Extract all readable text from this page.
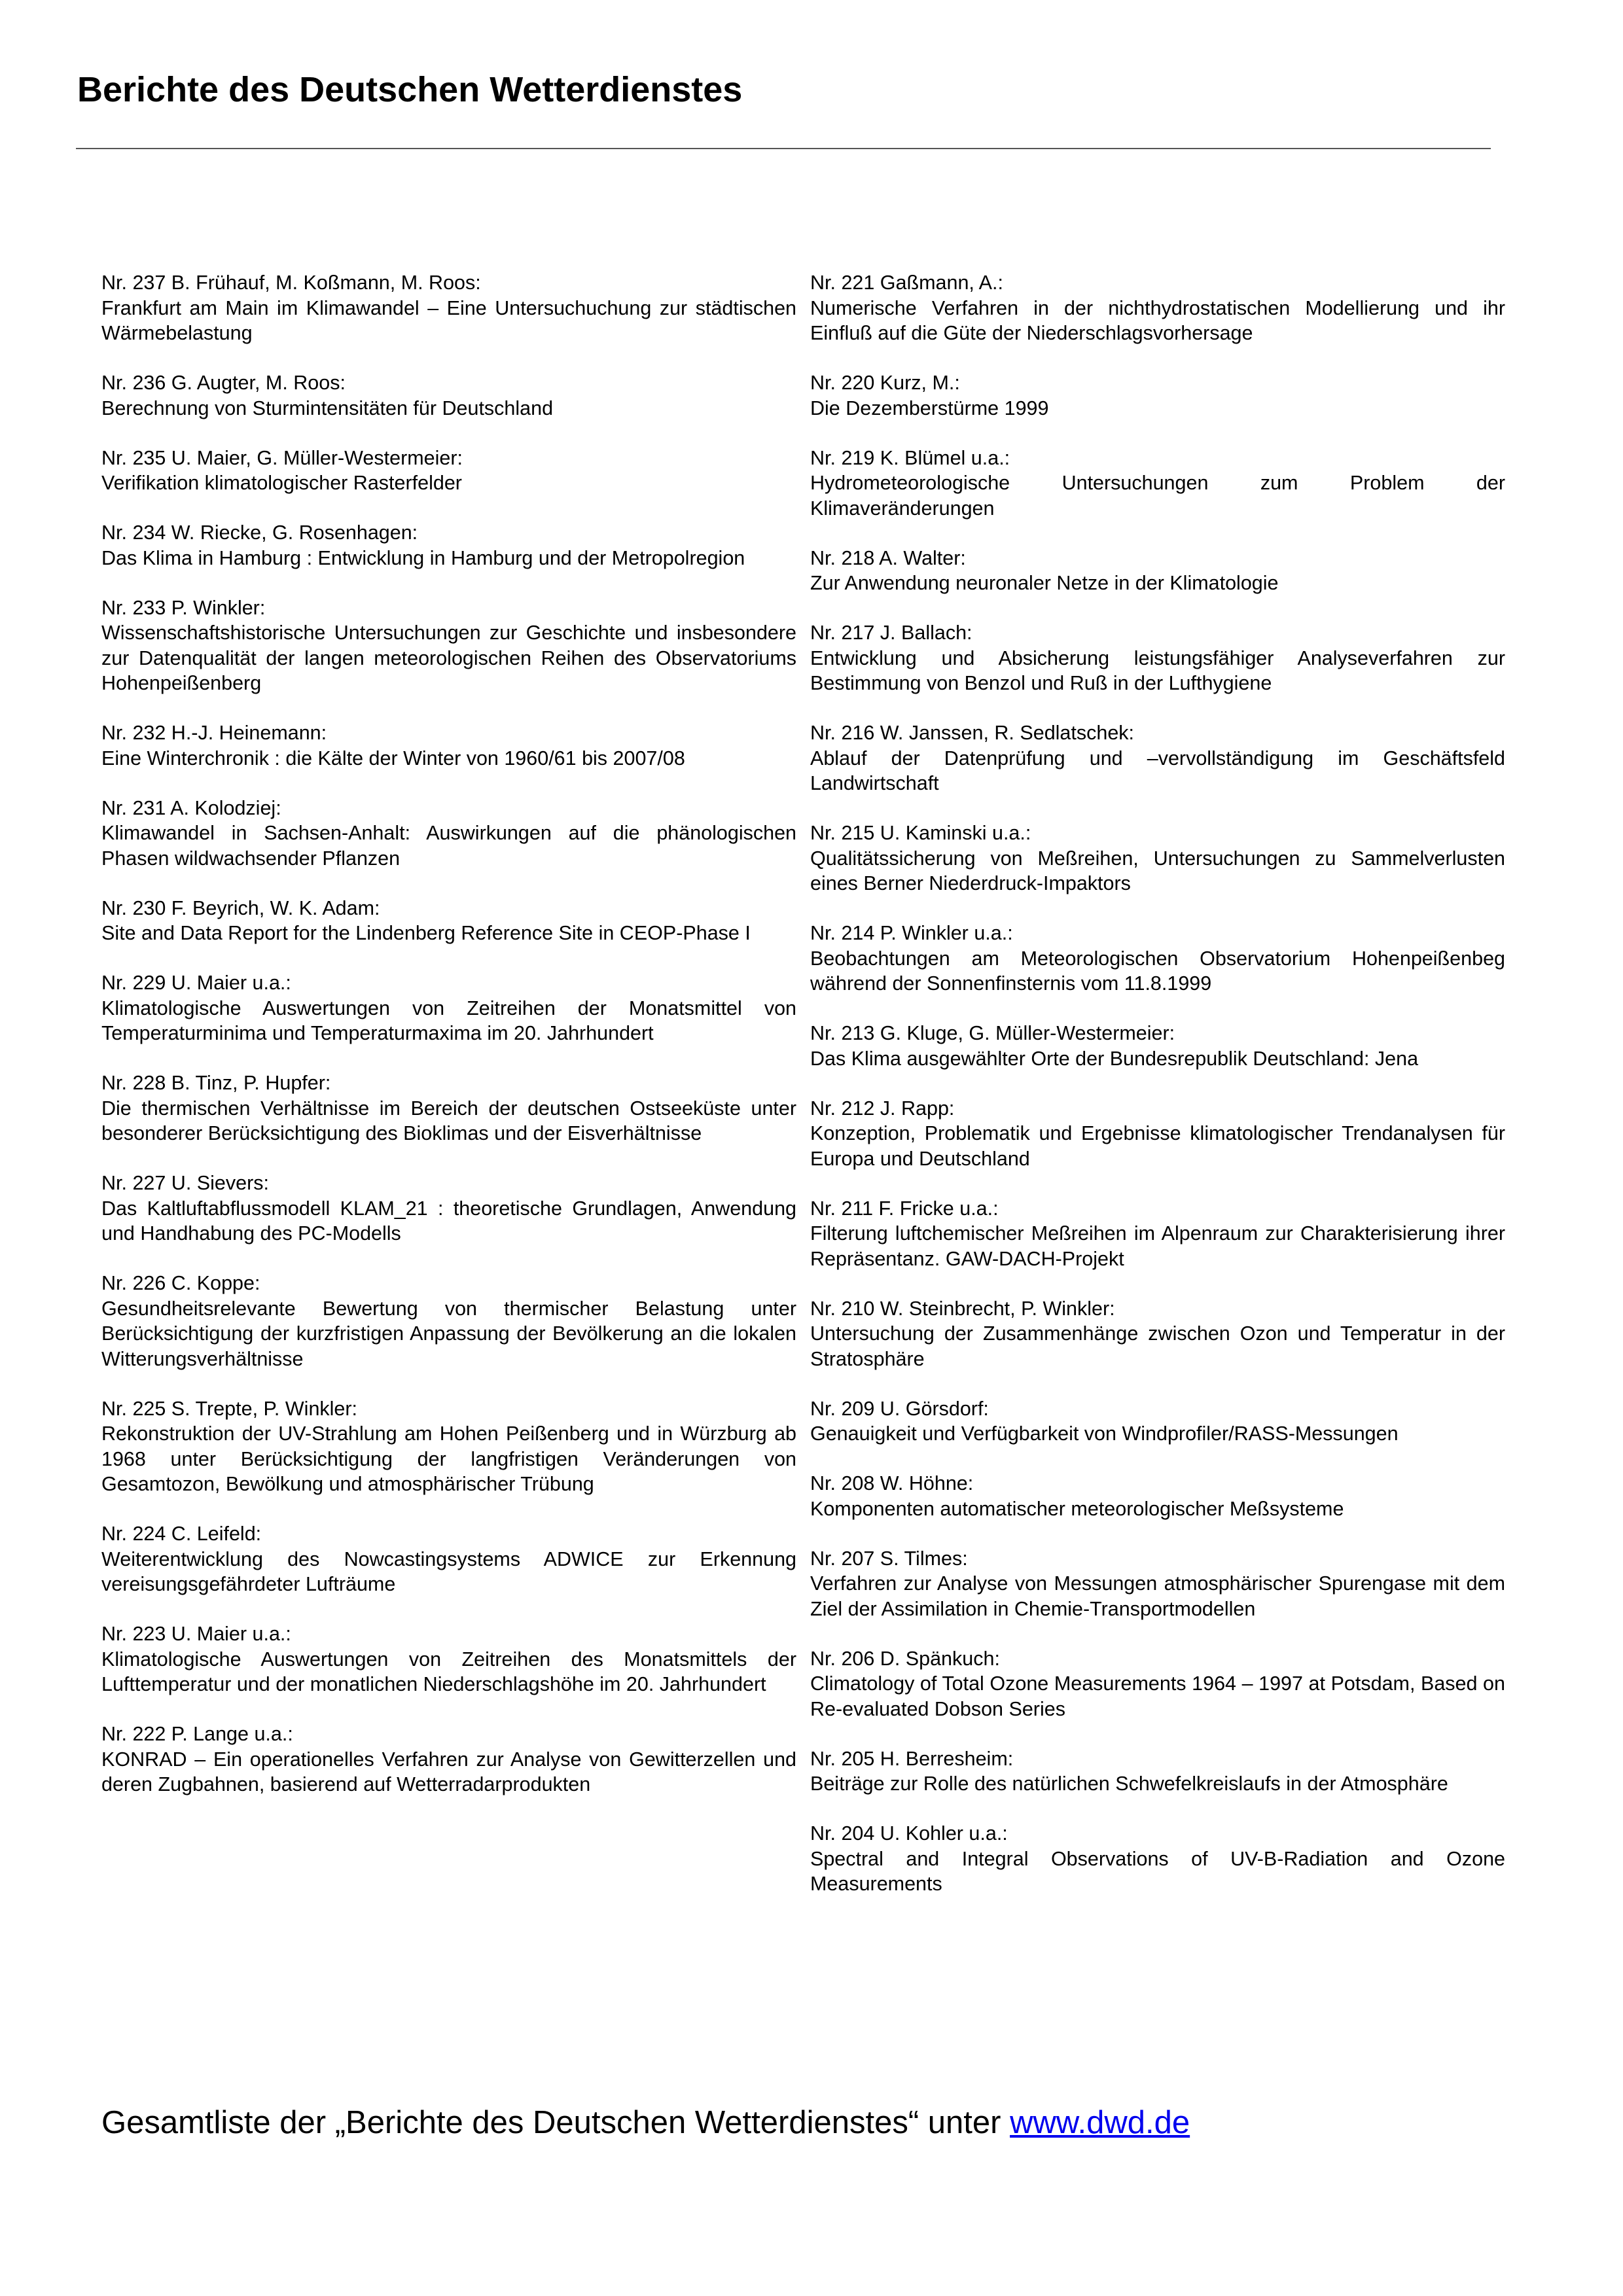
Berichte des Deutschen Wetterdienstes
Nr. 237 B. Frühauf, M. Koßmann, M. Roos:
Frankfurt am Main im Klimawandel – Eine Untersuchuchung zur städtischen Wärmebelastung
Nr. 236 G. Augter, M. Roos:
Berechnung von Sturmintensitäten für Deutschland
Nr. 235 U. Maier, G. Müller-Westermeier:
Verifikation klimatologischer Rasterfelder
Nr. 234 W. Riecke, G. Rosenhagen:
Das Klima in Hamburg : Entwicklung in Hamburg und der Metropolregion
Nr. 233 P. Winkler:
Wissenschaftshistorische Untersuchungen zur Geschichte und insbesondere zur Datenqualität der langen meteorologischen Reihen des Observatoriums Hohenpeißenberg
Nr. 232 H.-J. Heinemann:
Eine Winterchronik : die Kälte der Winter von 1960/61 bis 2007/08
Nr. 231 A. Kolodziej:
Klimawandel in Sachsen-Anhalt: Auswirkungen auf die phänologischen Phasen wildwachsender Pflanzen
Nr. 230 F. Beyrich, W. K. Adam:
Site and Data Report for the Lindenberg Reference Site in CEOP-Phase I
Nr. 229 U. Maier u.a.:
Klimatologische Auswertungen von Zeitreihen der Monatsmittel von Temperaturminima und Temperaturmaxima im 20. Jahrhundert
Nr. 228 B. Tinz, P. Hupfer:
Die thermischen Verhältnisse im Bereich der deutschen Ostseeküste unter besonderer Berücksichtigung des Bioklimas und der Eisverhältnisse
Nr. 227 U. Sievers:
Das Kaltluftabflussmodell KLAM_21 : theoretische Grundlagen, Anwendung und Handhabung des PC-Modells
Nr. 226 C. Koppe:
Gesundheitsrelevante Bewertung von thermischer Belastung unter Berücksichtigung der kurzfristigen Anpassung der Bevölkerung an die lokalen Witterungsverhältnisse
Nr. 225 S. Trepte, P. Winkler:
Rekonstruktion der UV-Strahlung am Hohen Peißenberg und in Würzburg ab 1968 unter Berücksichtigung der langfristigen Veränderungen von Gesamtozon, Bewölkung und atmosphärischer Trübung
Nr. 224 C. Leifeld:
Weiterentwicklung des Nowcastingsystems ADWICE zur Erkennung vereisungsgefährdeter Lufträume
Nr. 223 U. Maier u.a.:
Klimatologische Auswertungen von Zeitreihen des Monatsmittels der Lufttemperatur und der monatlichen Niederschlagshöhe im 20. Jahrhundert
Nr. 222 P. Lange u.a.:
KONRAD – Ein operationelles Verfahren zur Analyse von Gewitterzellen und deren Zugbahnen, basierend auf Wetterradarprodukten
Nr. 221 Gaßmann, A.:
Numerische Verfahren in der nichthydrostatischen Modellierung und ihr Einfluß auf die Güte der Niederschlagsvorhersage
Nr. 220 Kurz, M.:
Die Dezemberstürme 1999
Nr. 219 K. Blümel u.a.:
Hydrometeorologische Untersuchungen zum Problem der Klimaveränderungen
Nr. 218 A. Walter:
Zur Anwendung neuronaler Netze in der Klimatologie
Nr. 217 J. Ballach:
Entwicklung und Absicherung leistungsfähiger Analyseverfahren zur Bestimmung von Benzol und Ruß in der Lufthygiene
Nr. 216 W. Janssen, R. Sedlatschek:
Ablauf der Datenprüfung und –vervollständigung im Geschäftsfeld Landwirtschaft
Nr. 215 U. Kaminski u.a.:
Qualitätssicherung von Meßreihen, Untersuchungen zu Sammelverlusten eines Berner Niederdruck-Impaktors
Nr. 214 P. Winkler u.a.:
Beobachtungen am Meteorologischen Observatorium Hohenpeißenbeg während der Sonnenfinsternis vom 11.8.1999
Nr. 213 G. Kluge, G. Müller-Westermeier:
Das Klima ausgewählter Orte der Bundesrepublik Deutschland: Jena
Nr. 212 J. Rapp:
Konzeption, Problematik und Ergebnisse klimatologischer Trendanalysen für Europa und Deutschland
Nr. 211 F. Fricke u.a.:
Filterung luftchemischer Meßreihen im Alpenraum zur Charakterisierung ihrer Repräsentanz. GAW-DACH-Projekt
Nr. 210 W. Steinbrecht, P. Winkler:
Untersuchung der Zusammenhänge zwischen Ozon und Temperatur in der Stratosphäre
Nr. 209 U. Görsdorf:
Genauigkeit und Verfügbarkeit von Windprofiler/RASS-Messungen
Nr. 208 W. Höhne:
Komponenten automatischer meteorologischer Meßsysteme
Nr. 207 S. Tilmes:
Verfahren zur Analyse von Messungen atmosphärischer Spurengase mit dem Ziel der Assimilation in Chemie-Transportmodellen
Nr. 206 D. Spänkuch:
Climatology of Total Ozone Measurements 1964 – 1997 at Potsdam, Based on Re-evaluated Dobson Series
Nr. 205 H. Berresheim:
Beiträge zur Rolle des natürlichen Schwefelkreislaufs in der Atmosphäre
Nr. 204 U. Kohler u.a.:
Spectral and Integral Observations of UV-B-Radiation and Ozone Measurements
Gesamtliste der „Berichte des Deutschen Wetterdienstes“ unter www.dwd.de
